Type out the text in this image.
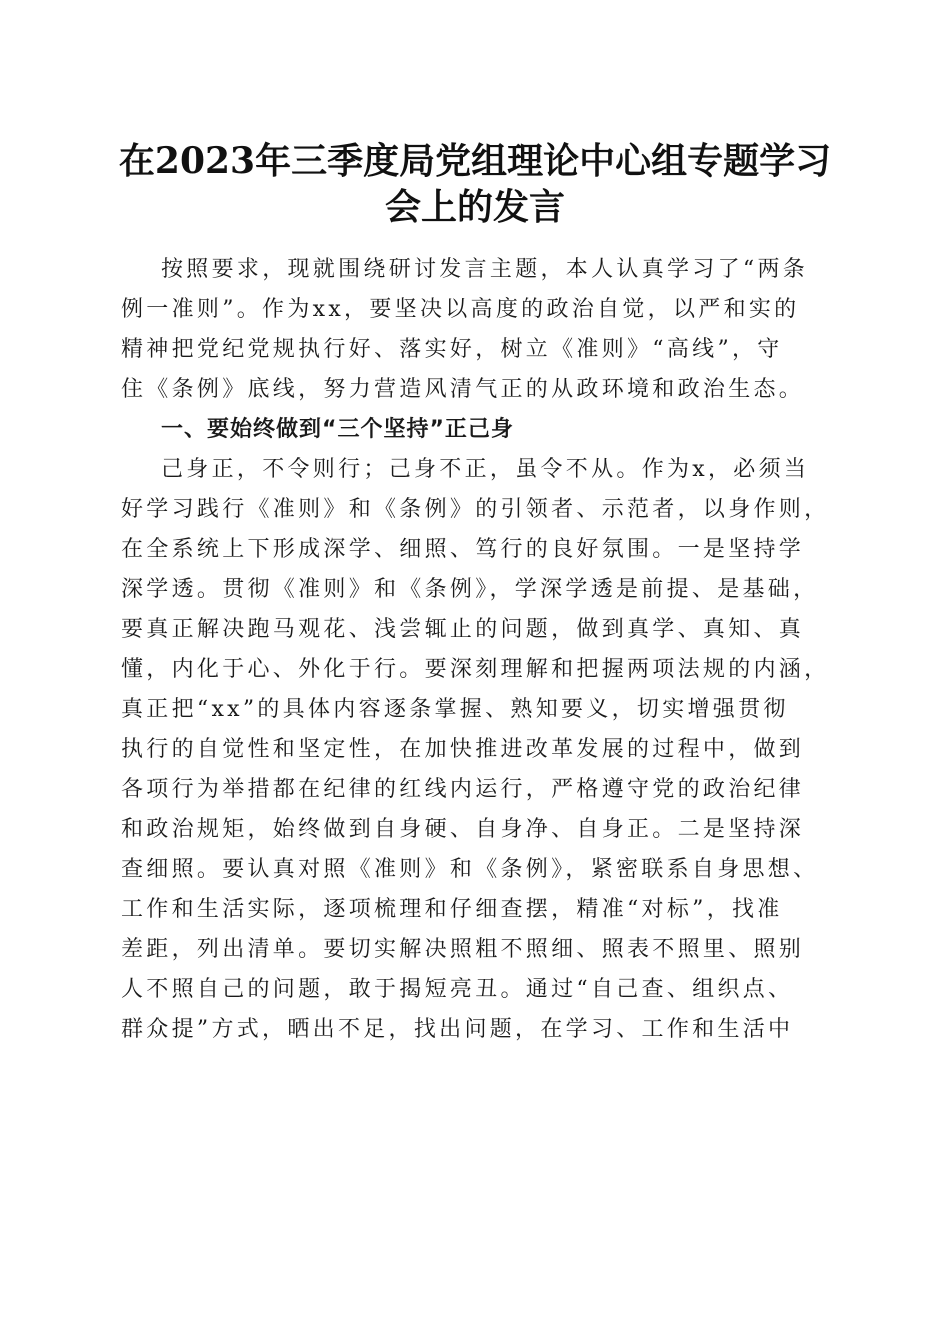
在2023年三季度局党组理论中心组专题学习
会上的发言
按照要求，现就围绕研讨发言主题，本人认真学习了“两条
例一准则”。作为xx，要坚决以高度的政治自觉，以严和实的
精神把党纪党规执行好、落实好，树立《准则》“高线”，守
住《条例》底线，努力营造风清气正的从政环境和政治生态。
一、要始终做到“三个坚持”正己身
己身正，不令则行；己身不正，虽令不从。作为x，必须当
好学习践行《准则》和《条例》的引领者、示范者，以身作则，
在全系统上下形成深学、细照、笃行的良好氛围。一是坚持学
深学透。贯彻《准则》和《条例》，学深学透是前提、是基础，
要真正解决跑马观花、浅尝辄止的问题，做到真学、真知、真
懂，内化于心、外化于行。要深刻理解和把握两项法规的内涵，
真正把“xx”的具体内容逐条掌握、熟知要义，切实增强贯彻
执行的自觉性和坚定性，在加快推进改革发展的过程中，做到
各项行为举措都在纪律的红线内运行，严格遵守党的政治纪律
和政治规矩，始终做到自身硬、自身净、自身正。二是坚持深
查细照。要认真对照《准则》和《条例》，紧密联系自身思想、
工作和生活实际，逐项梳理和仔细查摆，精准“对标”，找准
差距，列出清单。要切实解决照粗不照细、照表不照里、照别
人不照自己的问题，敢于揭短亮丑。通过“自己查、组织点、
群众提”方式，晒出不足，找出问题，在学习、工作和生活中
